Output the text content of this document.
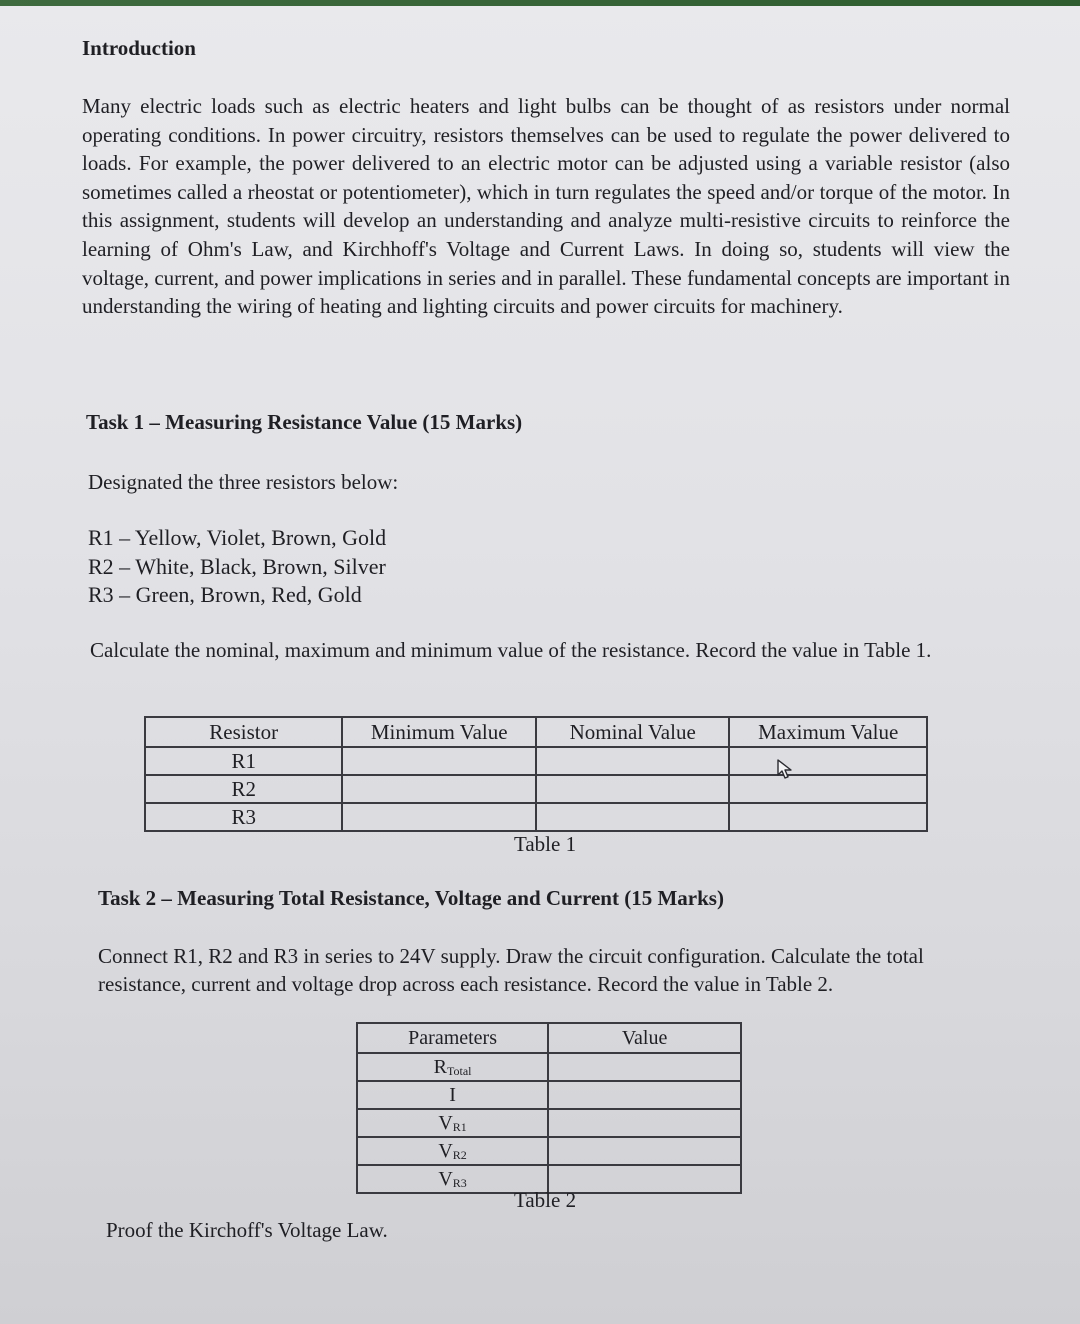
Introduction

Many electric loads such as electric heaters and light bulbs can be thought of as resistors under normal operating conditions. In power circuitry, resistors themselves can be used to regulate the power delivered to loads. For example, the power delivered to an electric motor can be adjusted using a variable resistor (also sometimes called a rheostat or potentiometer), which in turn regulates the speed and/or torque of the motor. In this assignment, students will develop an understanding and analyze multi-resistive circuits to reinforce the learning of Ohm's Law, and Kirchhoff's Voltage and Current Laws. In doing so, students will view the voltage, current, and power implications in series and in parallel. These fundamental concepts are important in understanding the wiring of heating and lighting circuits and power circuits for machinery.

Task 1 – Measuring Resistance Value (15 Marks)

Designated the three resistors below:

R1 – Yellow, Violet, Brown, Gold
R2 – White, Black, Brown, Silver
R3 – Green, Brown, Red, Gold

Calculate the nominal, maximum and minimum value of the resistance. Record the value in Table 1.

Resistor	Minimum Value	Nominal Value	Maximum Value
R1			
R2			
R3			

Table 1

Task 2 – Measuring Total Resistance, Voltage and Current (15 Marks)

Connect R1, R2 and R3 in series to 24V supply. Draw the circuit configuration. Calculate the total resistance, current and voltage drop across each resistance. Record the value in Table 2.

Parameters	Value
$R_{Total}$	
I	
$V_{R1}$	
$V_{R2}$	
$V_{R3}$	

Table 2

Proof the Kirchoff's Voltage Law.
